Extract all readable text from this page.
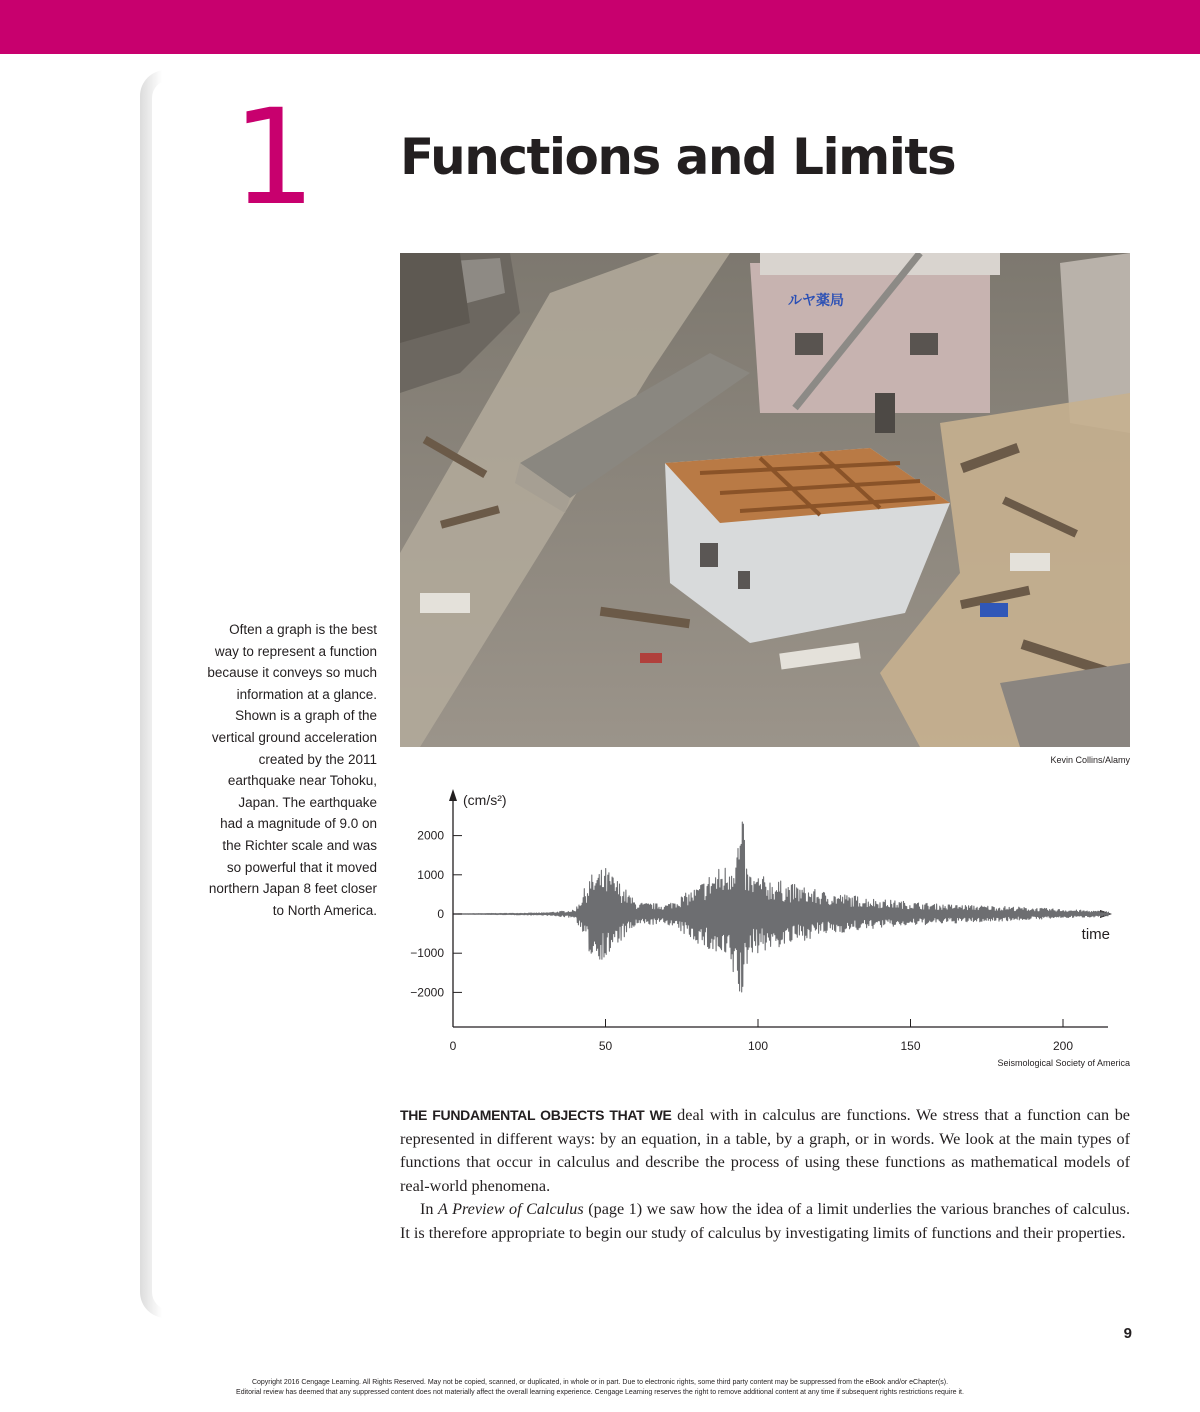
1 Functions and Limits
ルヤ薬局
Kevin Collins/Alamy
Often a graph is the best
way to represent a function
because it conveys so much
information at a glance.
Shown is a graph of the
vertical ground acceleration
created by the 2011
earthquake near Tohoku,
Japan. The earthquake
had a magnitude of 9.0 on
the Richter scale and was
so powerful that it moved
northern Japan 8 feet closer
to North America.
2000
1000
0
−1000
−2000
0	50	100	150	200
(cm/s²)
time
Seismological Society of America

THE FUNDAMENTAL OBJECTS THAT WE deal with in calculus are functions. We stress that a function can be represented in different ways: by an equation, in a table, by a graph, or in words. We look at the main types of functions that occur in calculus and describe the process of using these functions as mathematical models of real-world phenomena.

In A Preview of Calculus (page 1) we saw how the idea of a limit underlies the various branches of calculus. It is therefore appropriate to begin our study of calculus by investigating limits of functions and their properties.

9
Copyright 2016 Cengage Learning. All Rights Reserved. May not be copied, scanned, or duplicated, in whole or in part. Due to electronic rights, some third party content may be suppressed from the eBook and/or eChapter(s).
Editorial review has deemed that any suppressed content does not materially affect the overall learning experience. Cengage Learning reserves the right to remove additional content at any time if subsequent rights restrictions require it.
